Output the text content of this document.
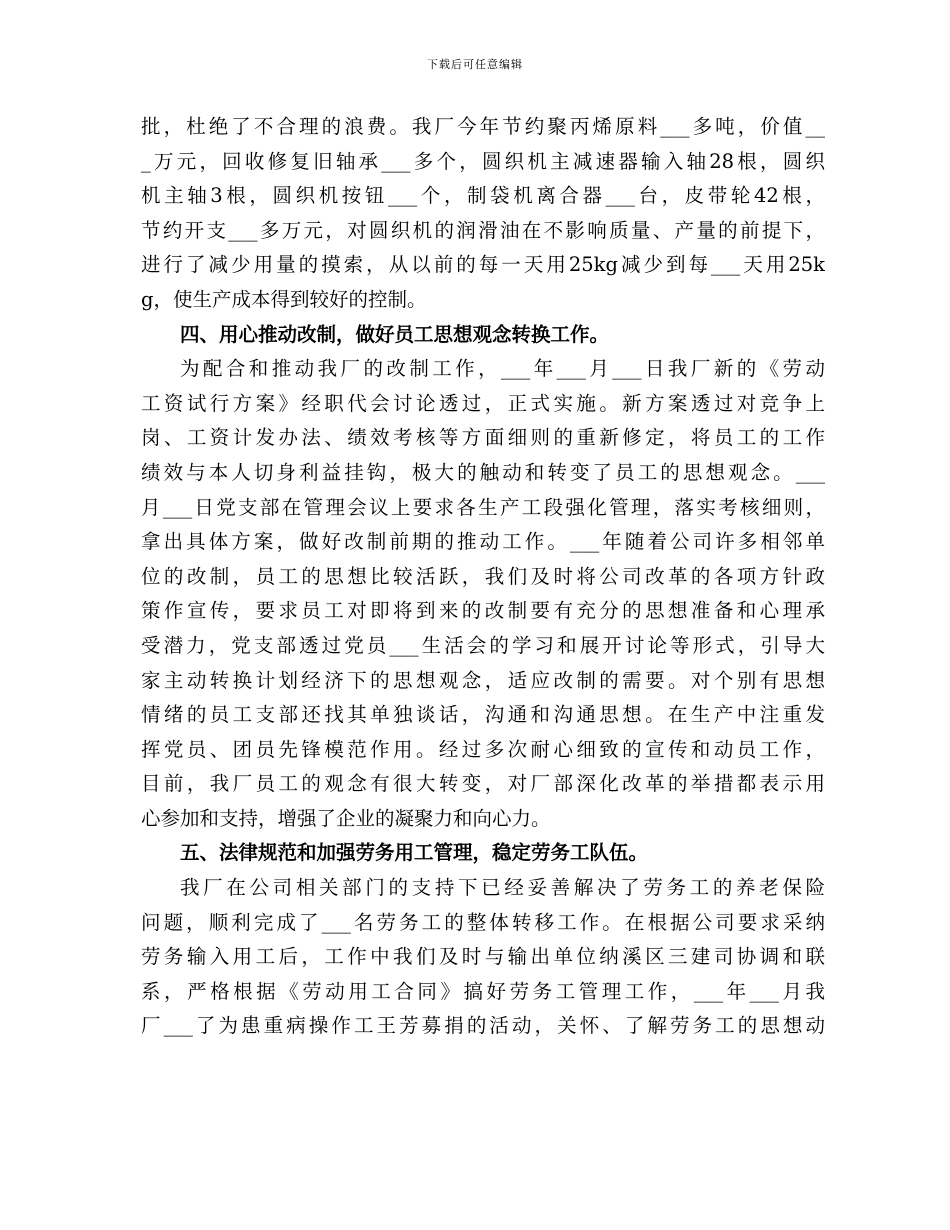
下载后可任意编辑
批，杜绝了不合理的浪费。我厂今年节约聚丙烯原料___多吨，价值__
_万元，回收修复旧轴承___多个，圆织机主减速器输入轴28根，圆织
机主轴3根，圆织机按钮___个，制袋机离合器___台，皮带轮42根，
节约开支___多万元，对圆织机的润滑油在不影响质量、产量的前提下，
进行了减少用量的摸索，从以前的每一天用25kg减少到每___天用25k
g，使生产成本得到较好的控制。
四、用心推动改制，做好员工思想观念转换工作。
为配合和推动我厂的改制工作，___年___月___日我厂新的《劳动
工资试行方案》经职代会讨论透过，正式实施。新方案透过对竞争上
岗、工资计发办法、绩效考核等方面细则的重新修定，将员工的工作
绩效与本人切身利益挂钩，极大的触动和转变了员工的思想观念。___
月___日党支部在管理会议上要求各生产工段强化管理，落实考核细则，
拿出具体方案，做好改制前期的推动工作。___年随着公司许多相邻单
位的改制，员工的思想比较活跃，我们及时将公司改革的各项方针政
策作宣传，要求员工对即将到来的改制要有充分的思想准备和心理承
受潜力，党支部透过党员___生活会的学习和展开讨论等形式，引导大
家主动转换计划经济下的思想观念，适应改制的需要。对个别有思想
情绪的员工支部还找其单独谈话，沟通和沟通思想。在生产中注重发
挥党员、团员先锋模范作用。经过多次耐心细致的宣传和动员工作，
目前，我厂员工的观念有很大转变，对厂部深化改革的举措都表示用
心参加和支持，增强了企业的凝聚力和向心力。
五、法律规范和加强劳务用工管理，稳定劳务工队伍。
我厂在公司相关部门的支持下已经妥善解决了劳务工的养老保险
问题，顺利完成了___名劳务工的整体转移工作。在根据公司要求采纳
劳务输入用工后，工作中我们及时与输出单位纳溪区三建司协调和联
系，严格根据《劳动用工合同》搞好劳务工管理工作，___年___月我
厂___了为患重病操作工王芳募捐的活动，关怀、了解劳务工的思想动
